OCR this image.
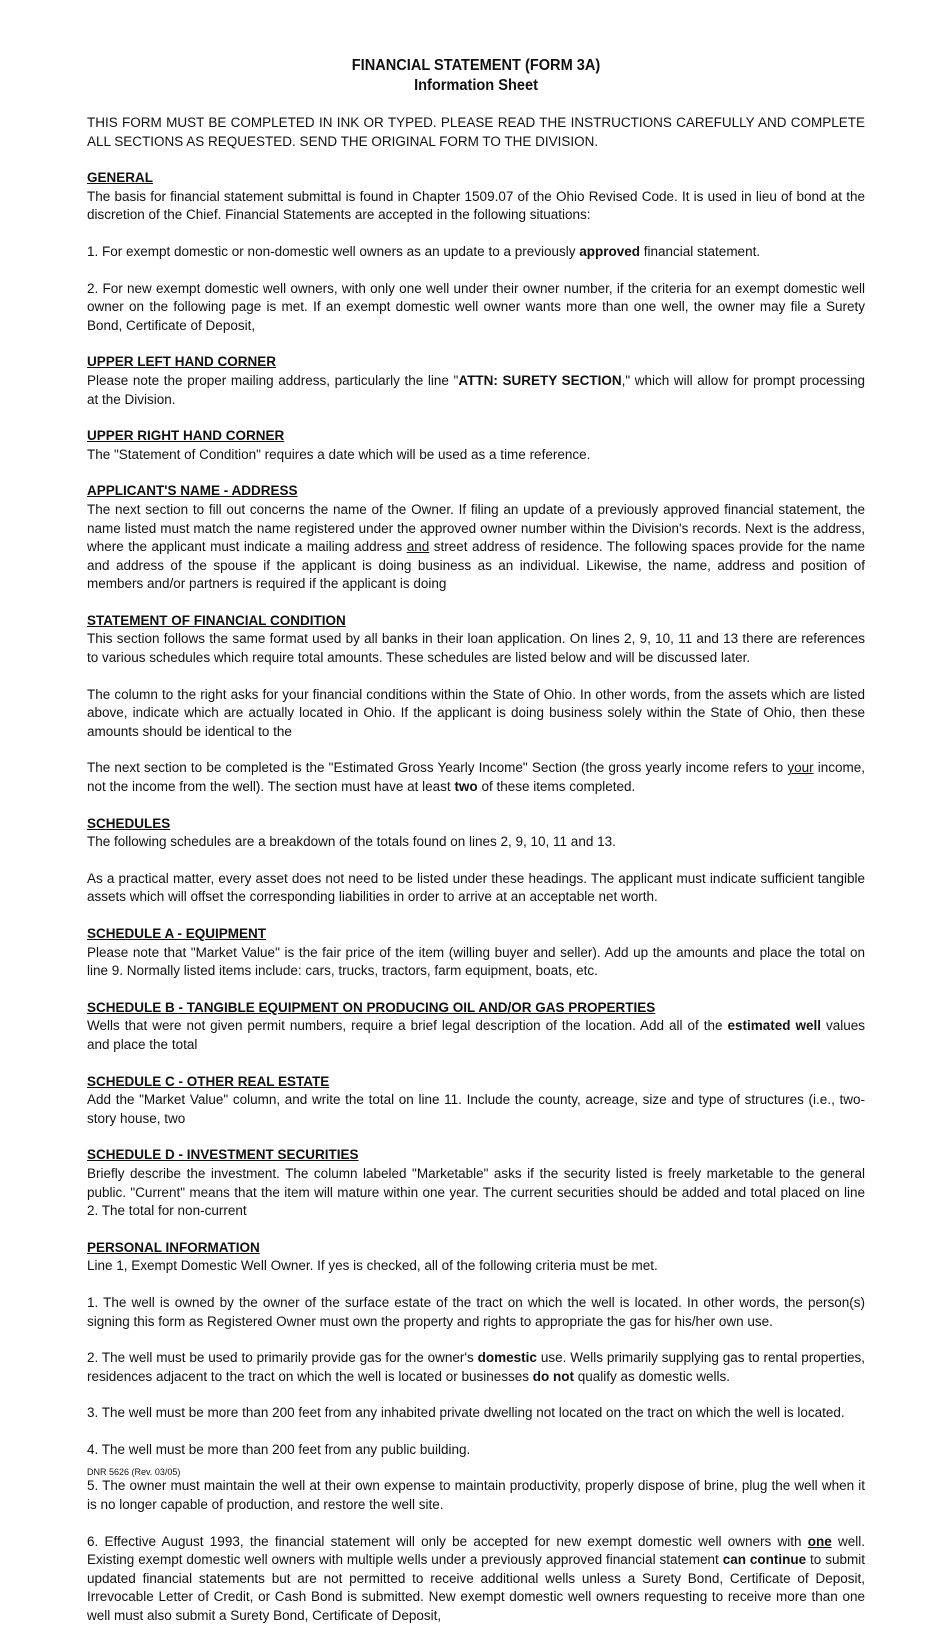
FINANCIAL STATEMENT (FORM 3A)

Information Sheet

THIS FORM MUST BE COMPLETED IN INK OR TYPED. PLEASE READ THE INSTRUCTIONS CAREFULLY AND COMPLETE ALL SECTIONS AS REQUESTED. SEND THE ORIGINAL FORM TO THE DIVISION.

GENERAL

The basis for financial statement submittal is found in Chapter 1509.07 of the Ohio Revised Code. It is used in lieu of bond at the discretion of the Chief. Financial Statements are accepted in the following situations:

1. For exempt domestic or non-domestic well owners as an update to a previously approved financial statement.

2. For new exempt domestic well owners, with only one well under their owner number, if the criteria for an exempt domestic well owner on the following page is met. If an exempt domestic well owner wants more than one well, the owner may file a Surety Bond, Certificate of Deposit,

UPPER LEFT HAND CORNER

Please note the proper mailing address, particularly the line "ATTN: SURETY SECTION," which will allow for prompt processing at the Division.

UPPER RIGHT HAND CORNER

The "Statement of Condition" requires a date which will be used as a time reference.

APPLICANT'S NAME - ADDRESS

The next section to fill out concerns the name of the Owner. If filing an update of a previously approved financial statement, the name listed must match the name registered under the approved owner number within the Division's records. Next is the address, where the applicant must indicate a mailing address and street address of residence. The following spaces provide for the name and address of the spouse if the applicant is doing business as an individual. Likewise, the name, address and position of members and/or partners is required if the applicant is doing

STATEMENT OF FINANCIAL CONDITION

This section follows the same format used by all banks in their loan application. On lines 2, 9, 10, 11 and 13 there are references to various schedules which require total amounts. These schedules are listed below and will be discussed later.

The column to the right asks for your financial conditions within the State of Ohio. In other words, from the assets which are listed above, indicate which are actually located in Ohio. If the applicant is doing business solely within the State of Ohio, then these amounts should be identical to the

The next section to be completed is the "Estimated Gross Yearly Income" Section (the gross yearly income refers to your income, not the income from the well). The section must have at least two of these items completed.

SCHEDULES

The following schedules are a breakdown of the totals found on lines 2, 9, 10, 11 and 13.

As a practical matter, every asset does not need to be listed under these headings. The applicant must indicate sufficient tangible assets which will offset the corresponding liabilities in order to arrive at an acceptable net worth.

SCHEDULE A - EQUIPMENT

Please note that "Market Value" is the fair price of the item (willing buyer and seller). Add up the amounts and place the total on line 9. Normally listed items include: cars, trucks, tractors, farm equipment, boats, etc.

SCHEDULE B - TANGIBLE EQUIPMENT ON PRODUCING OIL AND/OR GAS PROPERTIES

Wells that were not given permit numbers, require a brief legal description of the location. Add all of the estimated well values and place the total

SCHEDULE C - OTHER REAL ESTATE

Add the "Market Value" column, and write the total on line 11. Include the county, acreage, size and type of structures (i.e., two-story house, two

SCHEDULE D - INVESTMENT SECURITIES

Briefly describe the investment. The column labeled "Marketable" asks if the security listed is freely marketable to the general public. "Current" means that the item will mature within one year. The current securities should be added and total placed on line 2. The total for non-current

PERSONAL INFORMATION

Line 1, Exempt Domestic Well Owner. If yes is checked, all of the following criteria must be met.

1. The well is owned by the owner of the surface estate of the tract on which the well is located. In other words, the person(s) signing this form as Registered Owner must own the property and rights to appropriate the gas for his/her own use.

2. The well must be used to primarily provide gas for the owner's domestic use. Wells primarily supplying gas to rental properties, residences adjacent to the tract on which the well is located or businesses do not qualify as domestic wells.

3. The well must be more than 200 feet from any inhabited private dwelling not located on the tract on which the well is located.

4. The well must be more than 200 feet from any public building.

5. The owner must maintain the well at their own expense to maintain productivity, properly dispose of brine, plug the well when it is no longer capable of production, and restore the well site.

6. Effective August 1993, the financial statement will only be accepted for new exempt domestic well owners with one well. Existing exempt domestic well owners with multiple wells under a previously approved financial statement can continue to submit updated financial statements but are not permitted to receive additional wells unless a Surety Bond, Certificate of Deposit, Irrevocable Letter of Credit, or Cash Bond is submitted. New exempt domestic well owners requesting to receive more than one well must also submit a Surety Bond, Certificate of Deposit,

DNR 5626 (Rev. 03/05)
